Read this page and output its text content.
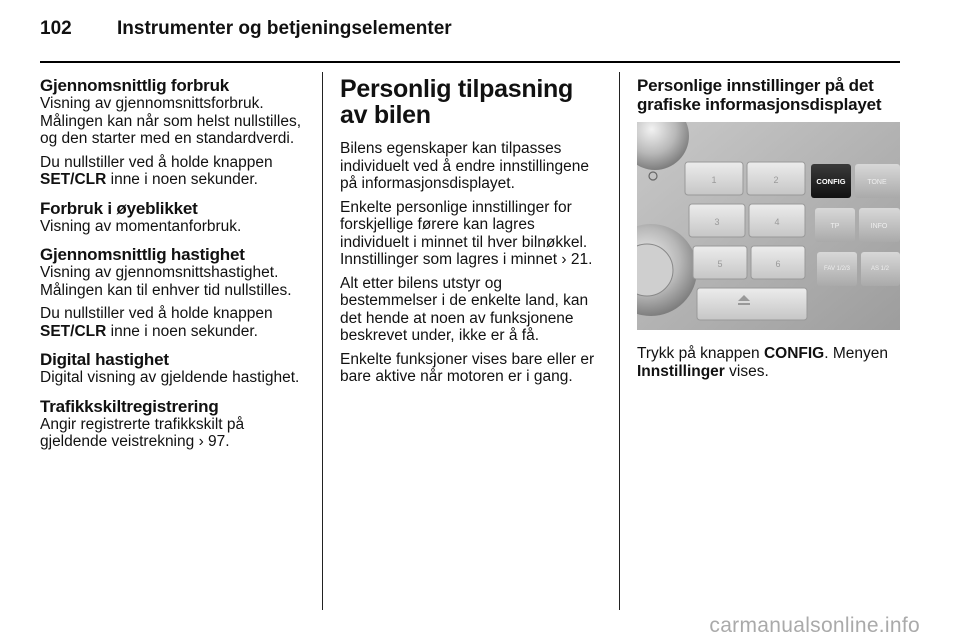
102 Instrumenter og betjeningselementer
Gjennomsnittlig forbruk

Visning av gjennomsnittsforbruk. Målingen kan når som helst nullstilles, og den starter med en standardverdi.

Du nullstiller ved å holde knappen SET/CLR inne i noen sekunder.

Forbruk i øyeblikket

Visning av momentanforbruk.

Gjennomsnittlig hastighet

Visning av gjennomsnittshastighet. Målingen kan til enhver tid nullstilles.

Du nullstiller ved å holde knappen SET/CLR inne i noen sekunder.

Digital hastighet

Digital visning av gjeldende hastighet.

Trafikkskiltregistrering

Angir registrerte trafikkskilt på gjeldende veistrekning › 97.

Personlig tilpasning av bilen

Bilens egenskaper kan tilpasses individuelt ved å endre innstillingene på informasjonsdisplayet.

Enkelte personlige innstillinger for forskjellige førere kan lagres individuelt i minnet til hver bilnøkkel. Innstillinger som lagres i minnet › 21.

Alt etter bilens utstyr og bestemmelser i de enkelte land, kan det hende at noen av funksjonene beskrevet under, ikke er å få.

Enkelte funksjoner vises bare eller er bare aktive når motoren er i gang.

Personlige innstillinger på det grafiske informasjonsdisplayet
1	2
3	4
5	6
CONFIG	TONE
TP	INFO
FAV 1/2/3	AS 1/2

Trykk på knappen CONFIG. Menyen Innstillinger vises.

carmanualsonline.info
